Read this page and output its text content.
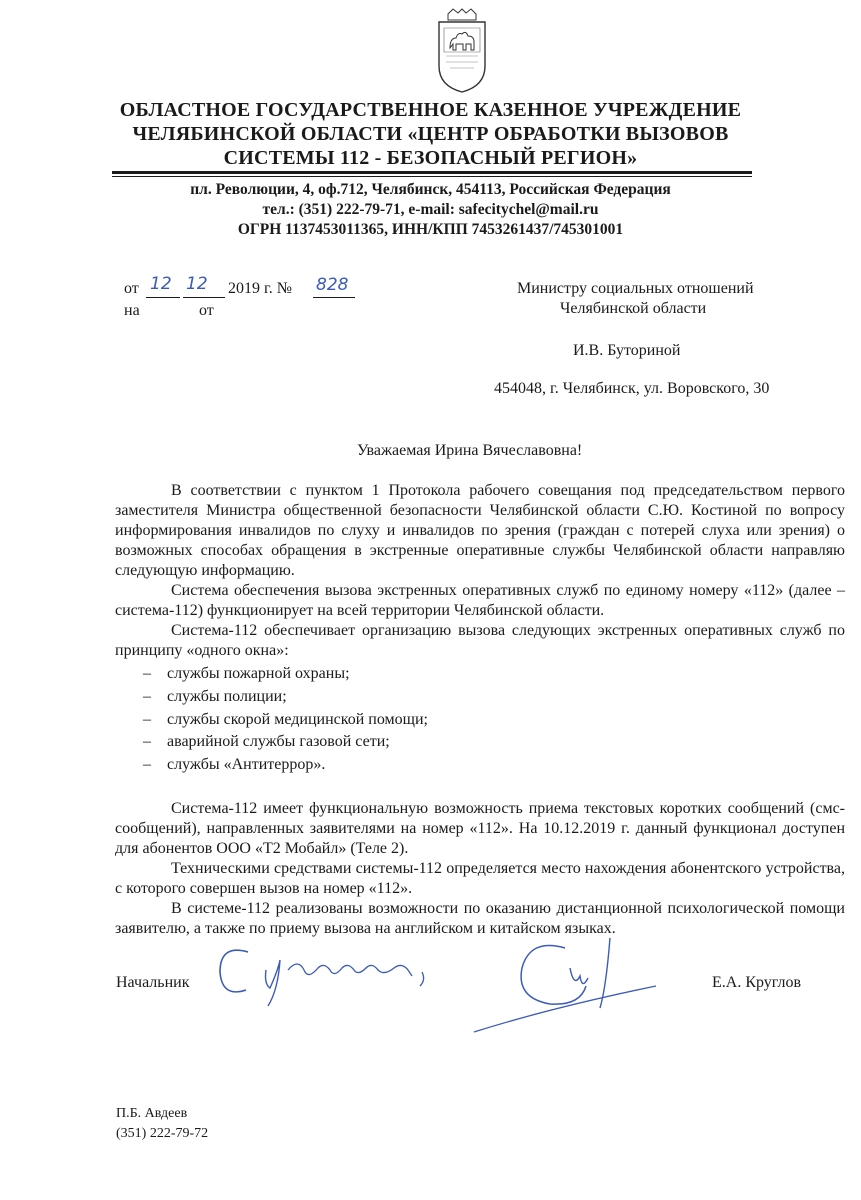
ОБЛАСТНОЕ ГОСУДАРСТВЕННОЕ КАЗЕННОЕ УЧРЕЖДЕНИЕ
ЧЕЛЯБИНСКОЙ ОБЛАСТИ «ЦЕНТР ОБРАБОТКИ ВЫЗОВОВ
СИСТЕМЫ 112 - БЕЗОПАСНЫЙ РЕГИОН»
пл. Революции, 4, оф.712, Челябинск, 454113, Российская Федерация
тел.: (351) 222-79-71, e-mail: safecitychel@mail.ru
ОГРН 1137453011365, ИНН/КПП 7453261437/745301001
от 12 12 2019 г. № 828
на	от
Министру социальных отношений
Челябинской области
И.В. Буториной
454048, г. Челябинск, ул. Воровского, 30
Уважаемая Ирина Вячеславовна!

В соответствии с пунктом 1 Протокола рабочего совещания под председательством первого заместителя Министра общественной безопасности Челябинской области С.Ю. Костиной по вопросу информирования инвалидов по слуху и инвалидов по зрения (граждан с потерей слуха или зрения) о возможных способах обращения в экстренные оперативные службы Челябинской области направляю следующую информацию.

Система обеспечения вызова экстренных оперативных служб по единому номеру «112» (далее – система-112) функционирует на всей территории Челябинской области.

Система-112 обеспечивает организацию вызова следующих экстренных оперативных служб по принципу «одного окна»:

– службы пожарной охраны;
– службы полиции;
– службы скорой медицинской помощи;
– аварийной службы газовой сети;
– службы «Антитеррор».

Система-112 имеет функциональную возможность приема текстовых коротких сообщений (смс-сообщений), направленных заявителями на номер «112». На 10.12.2019 г. данный функционал доступен для абонентов ООО «Т2 Мобайл» (Теле 2).

Техническими средствами системы-112 определяется место нахождения абонентского устройства, с которого совершен вызов на номер «112».

В системе-112 реализованы возможности по оказанию дистанционной психологической помощи заявителю, а также по приему вызова на английском и китайском языках.

Начальник	Е.А. Круглов
П.Б. Авдеев
(351) 222-79-72
